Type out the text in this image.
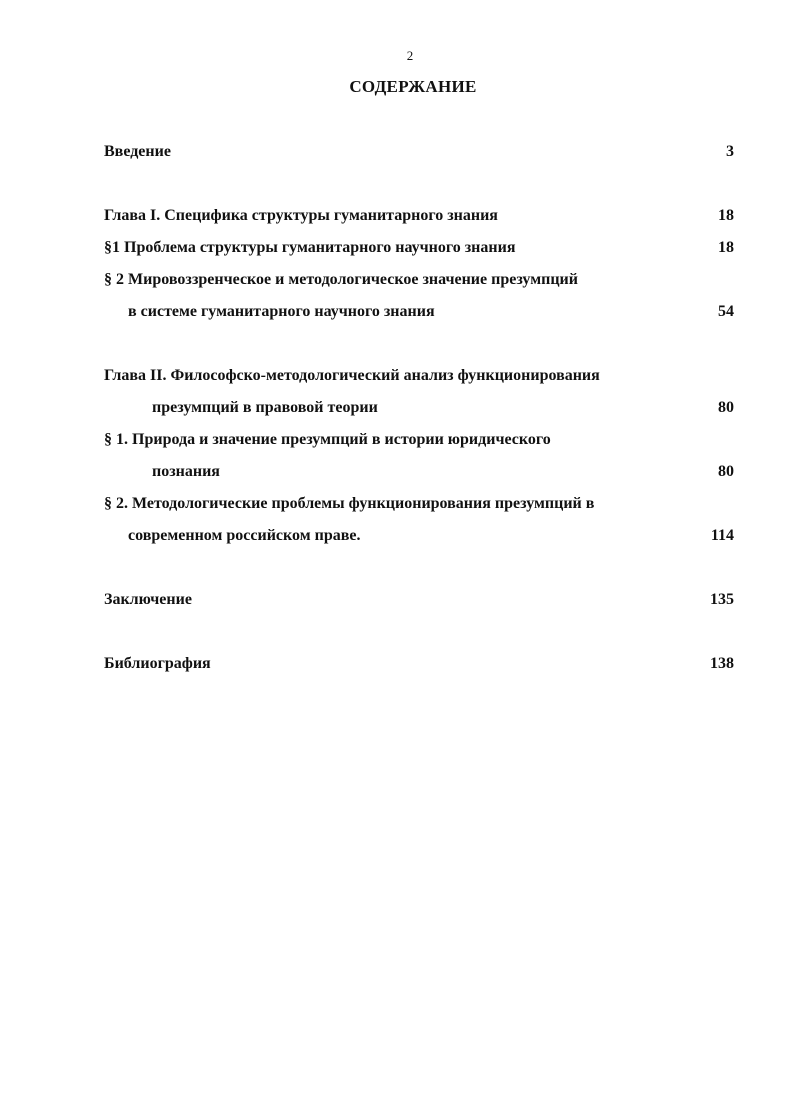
2
СОДЕРЖАНИЕ
Введение	3
Глава I. Специфика структуры гуманитарного знания	18
§1 Проблема структуры гуманитарного научного знания	18
§ 2 Мировоззренческое и методологическое значение презумпций
в системе гуманитарного научного знания	54
Глава II. Философско-методологический анализ функционирования
презумпций в правовой теории	80
§ 1. Природа и значение презумпций в истории юридического
познания	80
§ 2. Методологические проблемы функционирования презумпций в
современном российском праве.	114
Заключение	135
Библиография	138
